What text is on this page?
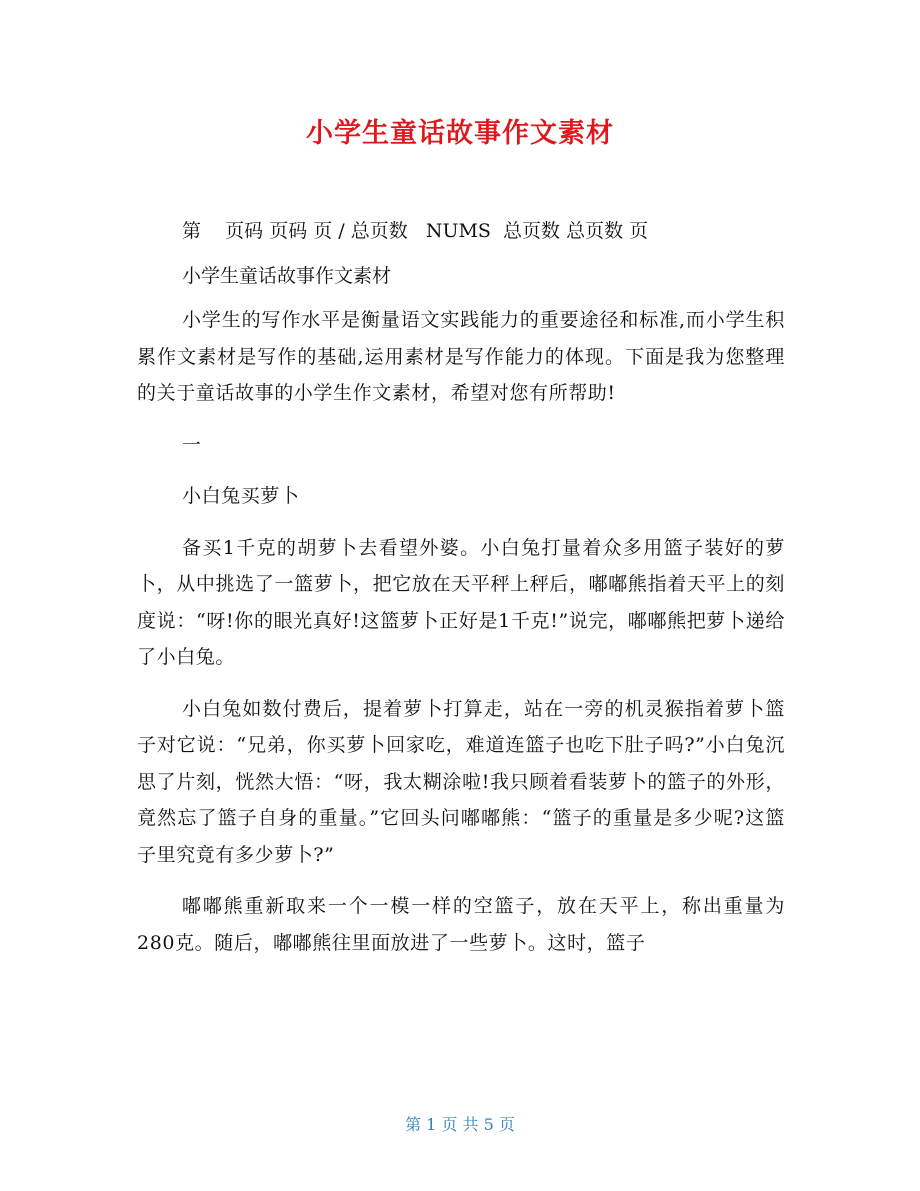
小学生童话故事作文素材
第    页码 页码 页 / 总页数   NUMS  总页数 总页数 页
小学生童话故事作文素材

小学生的写作水平是衡量语文实践能力的重要途径和标准,而小学生积累作文素材是写作的基础,运用素材是写作能力的体现。下面是我为您整理的关于童话故事的小学生作文素材，希望对您有所帮助!

一

小白兔买萝卜

备买1千克的胡萝卜去看望外婆。小白兔打量着众多用篮子装好的萝卜，从中挑选了一篮萝卜，把它放在天平秤上秤后，嘟嘟熊指着天平上的刻度说：“呀!你的眼光真好!这篮萝卜正好是1千克!”说完，嘟嘟熊把萝卜递给了小白兔。

小白兔如数付费后，提着萝卜打算走，站在一旁的机灵猴指着萝卜篮子对它说：“兄弟，你买萝卜回家吃，难道连篮子也吃下肚子吗?”小白兔沉思了片刻，恍然大悟：“呀，我太糊涂啦!我只顾着看装萝卜的篮子的外形，竟然忘了篮子自身的重量。”它回头问嘟嘟熊：“篮子的重量是多少呢?这篮子里究竟有多少萝卜?”

嘟嘟熊重新取来一个一模一样的空篮子，放在天平上，称出重量为280克。随后，嘟嘟熊往里面放进了一些萝卜。这时，篮子

第 1 页 共 5 页
